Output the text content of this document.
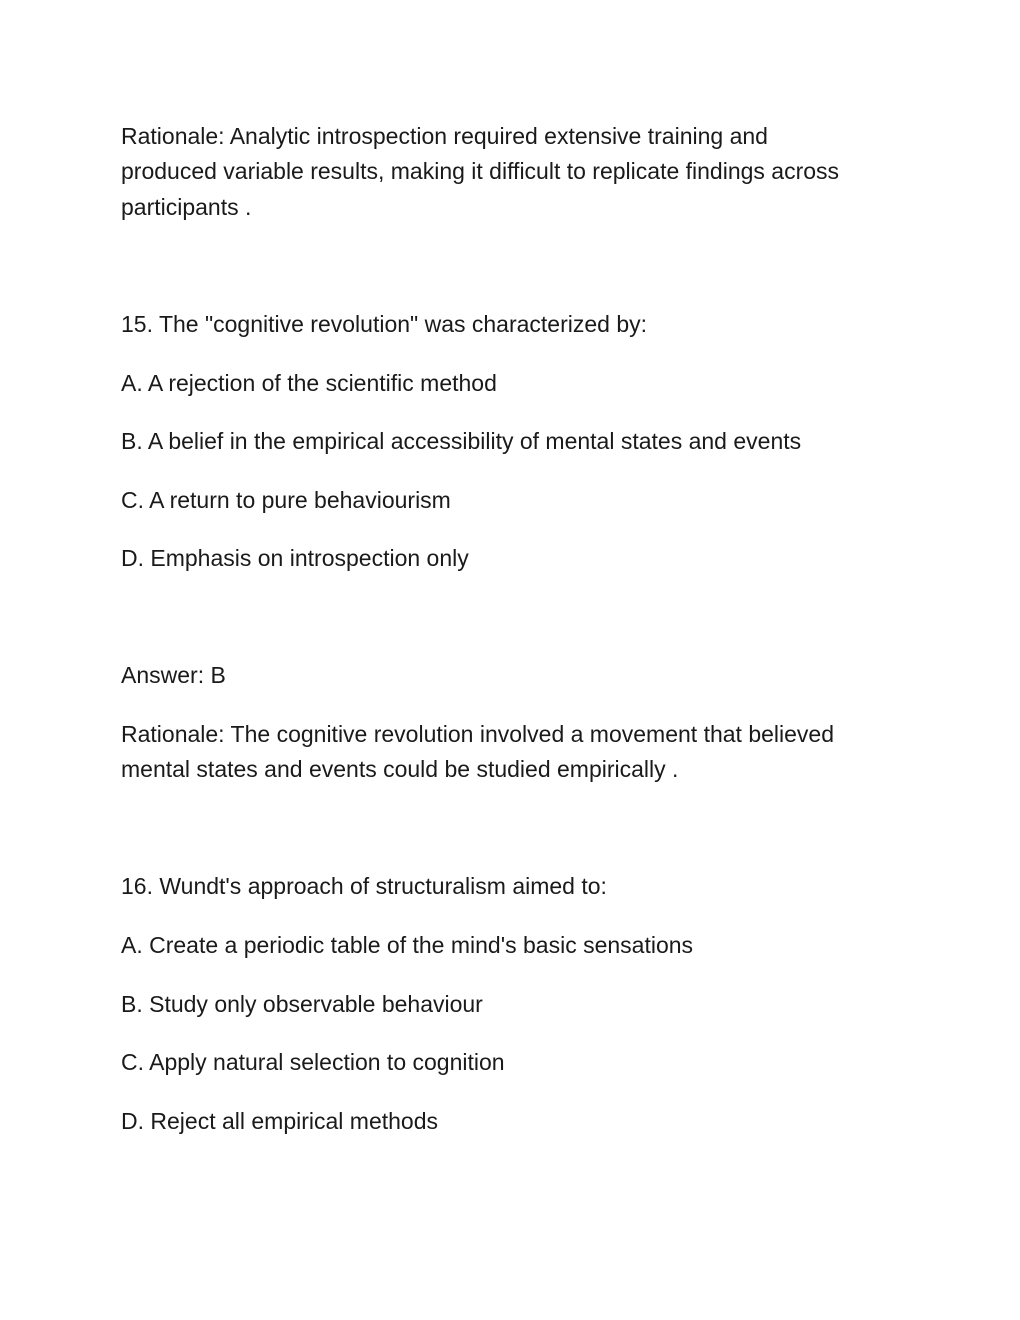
Rationale: Analytic introspection required extensive training and
produced variable results, making it difficult to replicate findings across
participants .
15. The "cognitive revolution" was characterized by:
A. A rejection of the scientific method
B. A belief in the empirical accessibility of mental states and events
C. A return to pure behaviourism
D. Emphasis on introspection only
Answer: B
Rationale: The cognitive revolution involved a movement that believed
mental states and events could be studied empirically .
16. Wundt's approach of structuralism aimed to:
A. Create a periodic table of the mind's basic sensations
B. Study only observable behaviour
C. Apply natural selection to cognition
D. Reject all empirical methods
